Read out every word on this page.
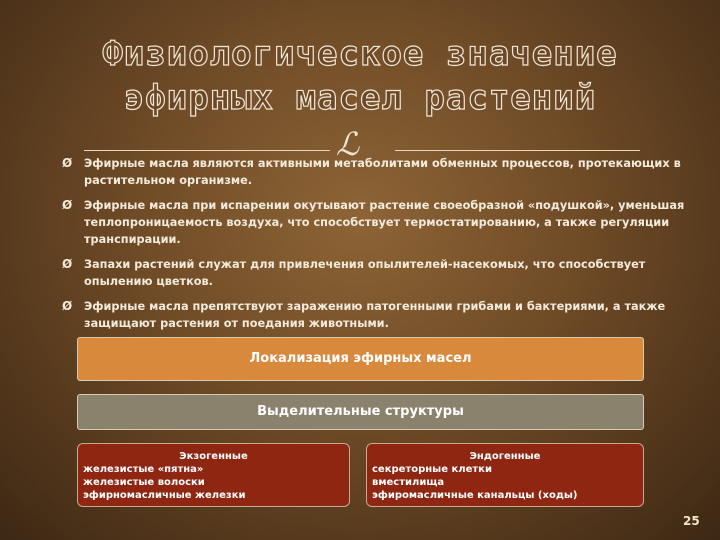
Физиологическое значение
эфирных масел растений
ℒ
Ø	Эфирные масла являются активными метаболитами обменных процессов, протекающих в растительном организме.
Ø	Эфирные масла при испарении окутывают растение своеобразной «подушкой», уменьшая теплопроницаемость воздуха, что способствует термостатированию, а также регуляции транспирации.
Ø	Запахи растений служат для привлечения опылителей-насекомых, что способствует опылению цветков.
Ø	Эфирные масла препятствуют заражению патогенными грибами и бактериями, а также защищают растения от поедания животными.
Локализация эфирных масел
Выделительные структуры
Экзогенные
железистые «пятна»
железистые волоски
эфирномасличные железки
Эндогенные
секреторные клетки
вместилища
эфиромасличные канальцы (ходы)
25
